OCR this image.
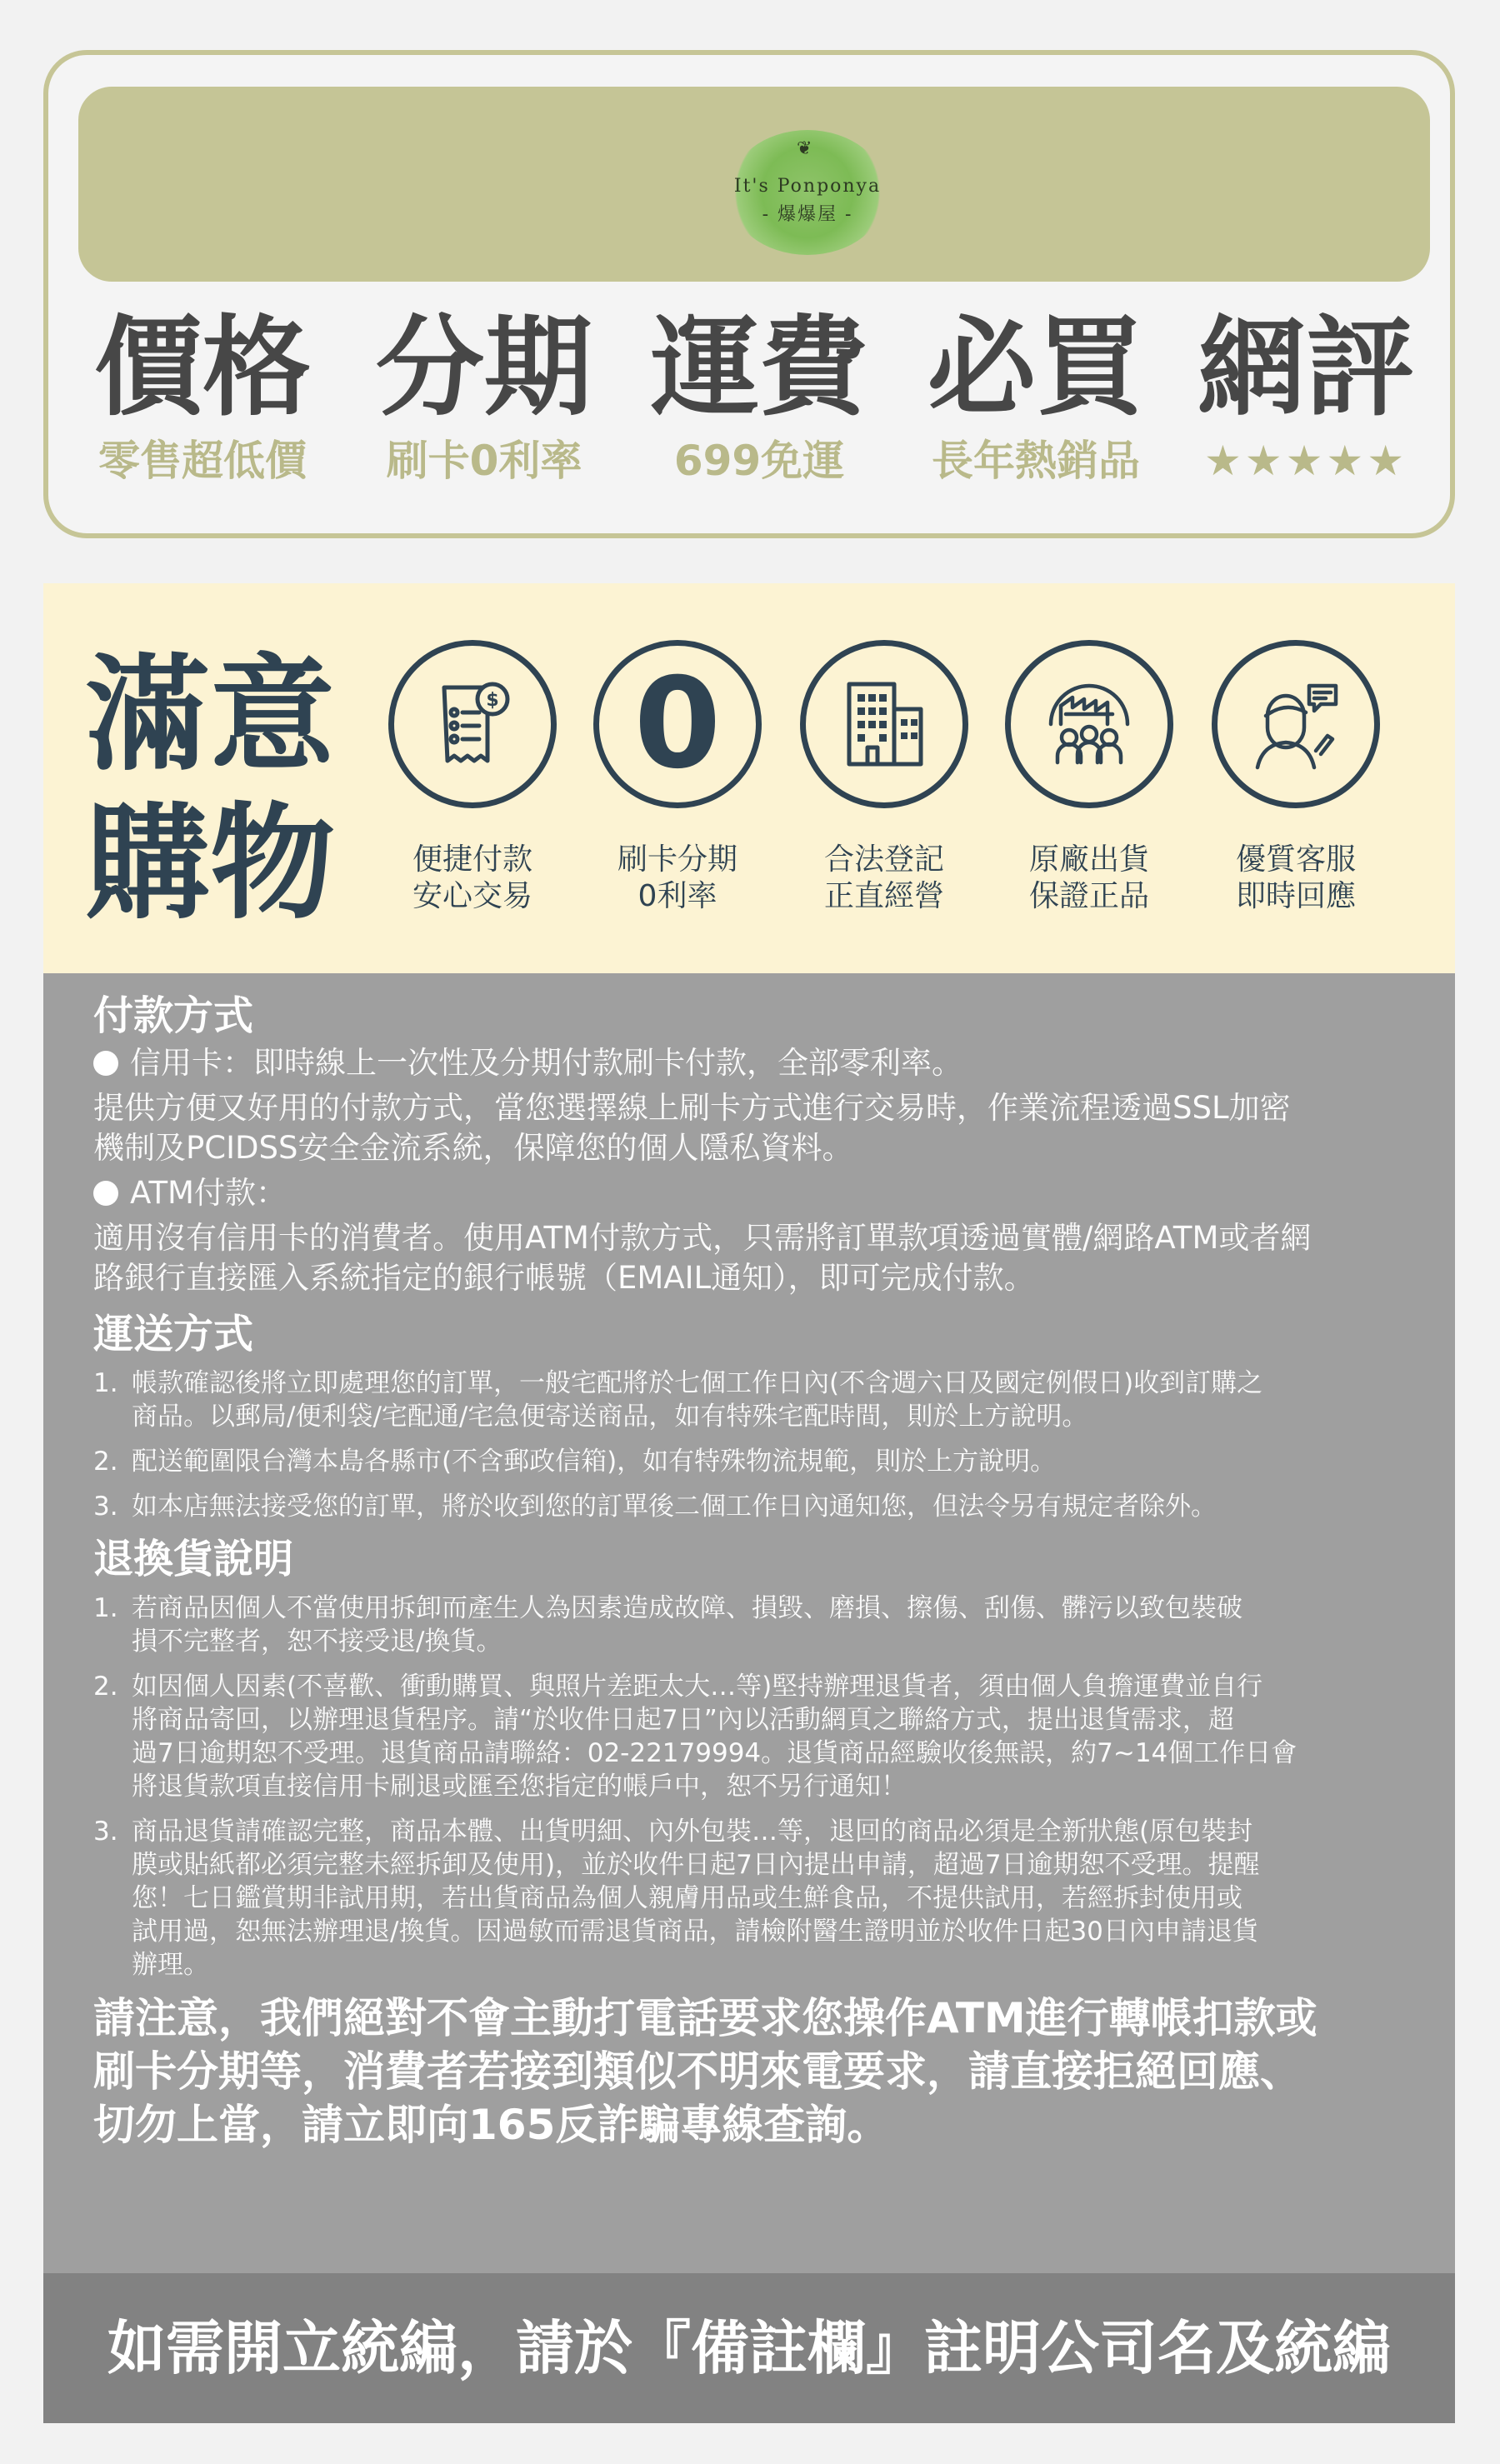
❦
It's Ponponya
- 爆爆屋 -
價格
零售超低價
分期
刷卡0利率
運費
699免運
必買
長年熱銷品
網評
★★★★★
滿意
購物
$
便捷付款
安心交易
0
刷卡分期
0利率
合法登記
正直經營
原廠出貨
保證正品
優質客服
即時回應
付款方式

信用卡：即時線上一次性及分期付款刷卡付款，全部零利率。

提供方便又好用的付款方式，當您選擇線上刷卡方式進行交易時，作業流程透過SSL加密

機制及PCIDSS安全金流系統，保障您的個人隱私資料。

ATM付款：

適用沒有信用卡的消費者。使用ATM付款方式，只需將訂單款項透過實體/網路ATM或者網

路銀行直接匯入系統指定的銀行帳號（EMAIL通知），即可完成付款。

運送方式
1. 帳款確認後將立即處理您的訂單，一般宅配將於七個工作日內(不含週六日及國定例假日)收到訂購之
商品。以郵局/便利袋/宅配通/宅急便寄送商品，如有特殊宅配時間，則於上方說明。
2. 配送範圍限台灣本島各縣市(不含郵政信箱)，如有特殊物流規範，則於上方說明。
3. 如本店無法接受您的訂單，將於收到您的訂單後二個工作日內通知您，但法令另有規定者除外。
退換貨說明
1. 若商品因個人不當使用拆卸而產生人為因素造成故障、損毀、磨損、擦傷、刮傷、髒污以致包裝破
損不完整者，恕不接受退/換貨。
2. 如因個人因素(不喜歡、衝動購買、與照片差距太大…等)堅持辦理退貨者，須由個人負擔運費並自行
將商品寄回，以辦理退貨程序。請“於收件日起7日”內以活動網頁之聯絡方式，提出退貨需求，超
過7日逾期恕不受理。退貨商品請聯絡：02-22179994。退貨商品經驗收後無誤，約7~14個工作日會
將退貨款項直接信用卡刷退或匯至您指定的帳戶中，恕不另行通知！
3. 商品退貨請確認完整，商品本體、出貨明細、內外包裝…等，退回的商品必須是全新狀態(原包裝封
膜或貼紙都必須完整未經拆卸及使用)，並於收件日起7日內提出申請，超過7日逾期恕不受理。提醒
您！七日鑑賞期非試用期，若出貨商品為個人親膚用品或生鮮食品，不提供試用，若經拆封使用或
試用過，恕無法辦理退/換貨。因過敏而需退貨商品，請檢附醫生證明並於收件日起30日內申請退貨
辦理。
請注意，我們絕對不會主動打電話要求您操作ATM進行轉帳扣款或
刷卡分期等，消費者若接到類似不明來電要求，請直接拒絕回應、
切勿上當，請立即向165反詐騙專線查詢。
如需開立統編，請於『備註欄』註明公司名及統編
